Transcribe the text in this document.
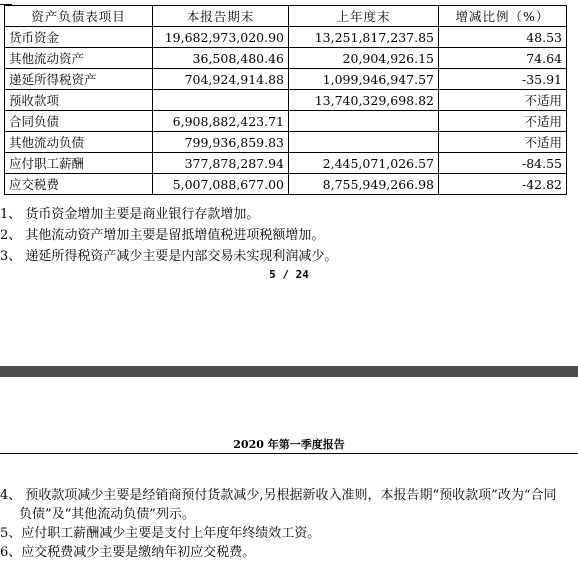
资产负债表项目	本报告期末	上年度末	增减比例（%）
货币资金	19,682,973,020.90	13,251,817,237.85	48.53
其他流动资产	36,508,480.46	20,904,926.15	74.64
递延所得税资产	704,924,914.88	1,099,946,947.57	-35.91
预收款项		13,740,329,698.82	不适用
合同负债	6,908,882,423.71		不适用
其他流动负债	799,936,859.83		不适用
应付职工薪酬	377,878,287.94	2,445,071,026.57	-84.55
应交税费	5,007,088,677.00	8,755,949,266.98	-42.82
1、 货币资金增加主要是商业银行存款增加。
2、 其他流动资产增加主要是留抵增值税进项税额增加。
3、 递延所得税资产减少主要是内部交易未实现利润减少。
5 / 24
2020 年第一季度报告
4、 预收款项减少主要是经销商预付货款减少,另根据新收入准则，本报告期“预收款项”改为“合同
负债”及“其他流动负债”列示。
5、应付职工薪酬减少主要是支付上年度年终绩效工资。
6、应交税费减少主要是缴纳年初应交税费。
